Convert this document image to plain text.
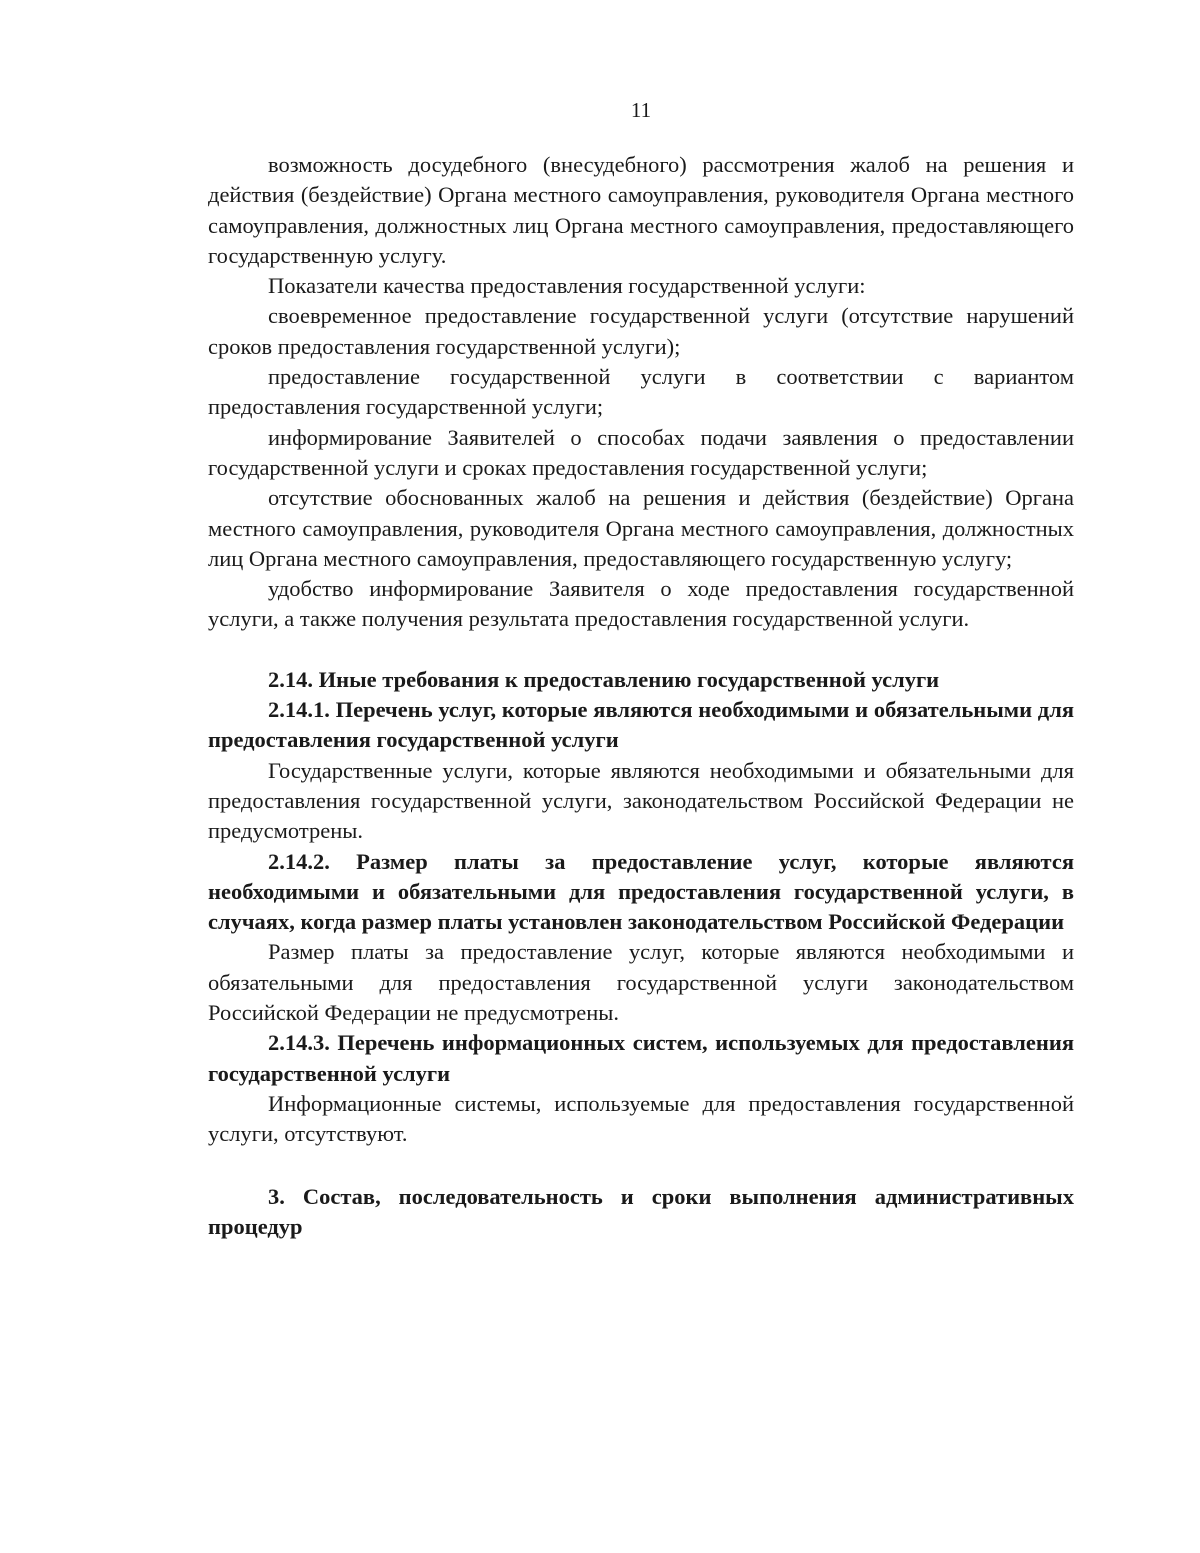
11

возможность досудебного (внесудебного) рассмотрения жалоб на решения и действия (бездействие) Органа местного самоуправления, руководителя Органа местного самоуправления, должностных лиц Органа местного самоуправления, предоставляющего государственную услугу.

Показатели качества предоставления государственной услуги:

своевременное предоставление государственной услуги (отсутствие нарушений сроков предоставления государственной услуги);

предоставление государственной услуги в соответствии с вариантом предоставления государственной услуги;

информирование Заявителей о способах подачи заявления о предоставлении государственной услуги и сроках предоставления государственной услуги;

отсутствие обоснованных жалоб на решения и действия (бездействие) Органа местного самоуправления, руководителя Органа местного самоуправления, должностных лиц Органа местного самоуправления, предоставляющего государственную услугу;

удобство информирование Заявителя о ходе предоставления государственной услуги, а также получения результата предоставления государственной услуги.

2.14. Иные требования к предоставлению государственной услуги

2.14.1. Перечень услуг, которые являются необходимыми и обязательными для предоставления государственной услуги

Государственные услуги, которые являются необходимыми и обязательными для предоставления государственной услуги, законодательством Российской Федерации не предусмотрены.

2.14.2. Размер платы за предоставление услуг, которые являются необходимыми и обязательными для предоставления государственной услуги, в случаях, когда размер платы установлен законодательством Российской Федерации

Размер платы за предоставление услуг, которые являются необходимыми и обязательными для предоставления государственной услуги законодательством Российской Федерации не предусмотрены.

2.14.3. Перечень информационных систем, используемых для предоставления государственной услуги

Информационные системы, используемые для предоставления государственной услуги, отсутствуют.

3. Состав, последовательность и сроки выполнения административных процедур
